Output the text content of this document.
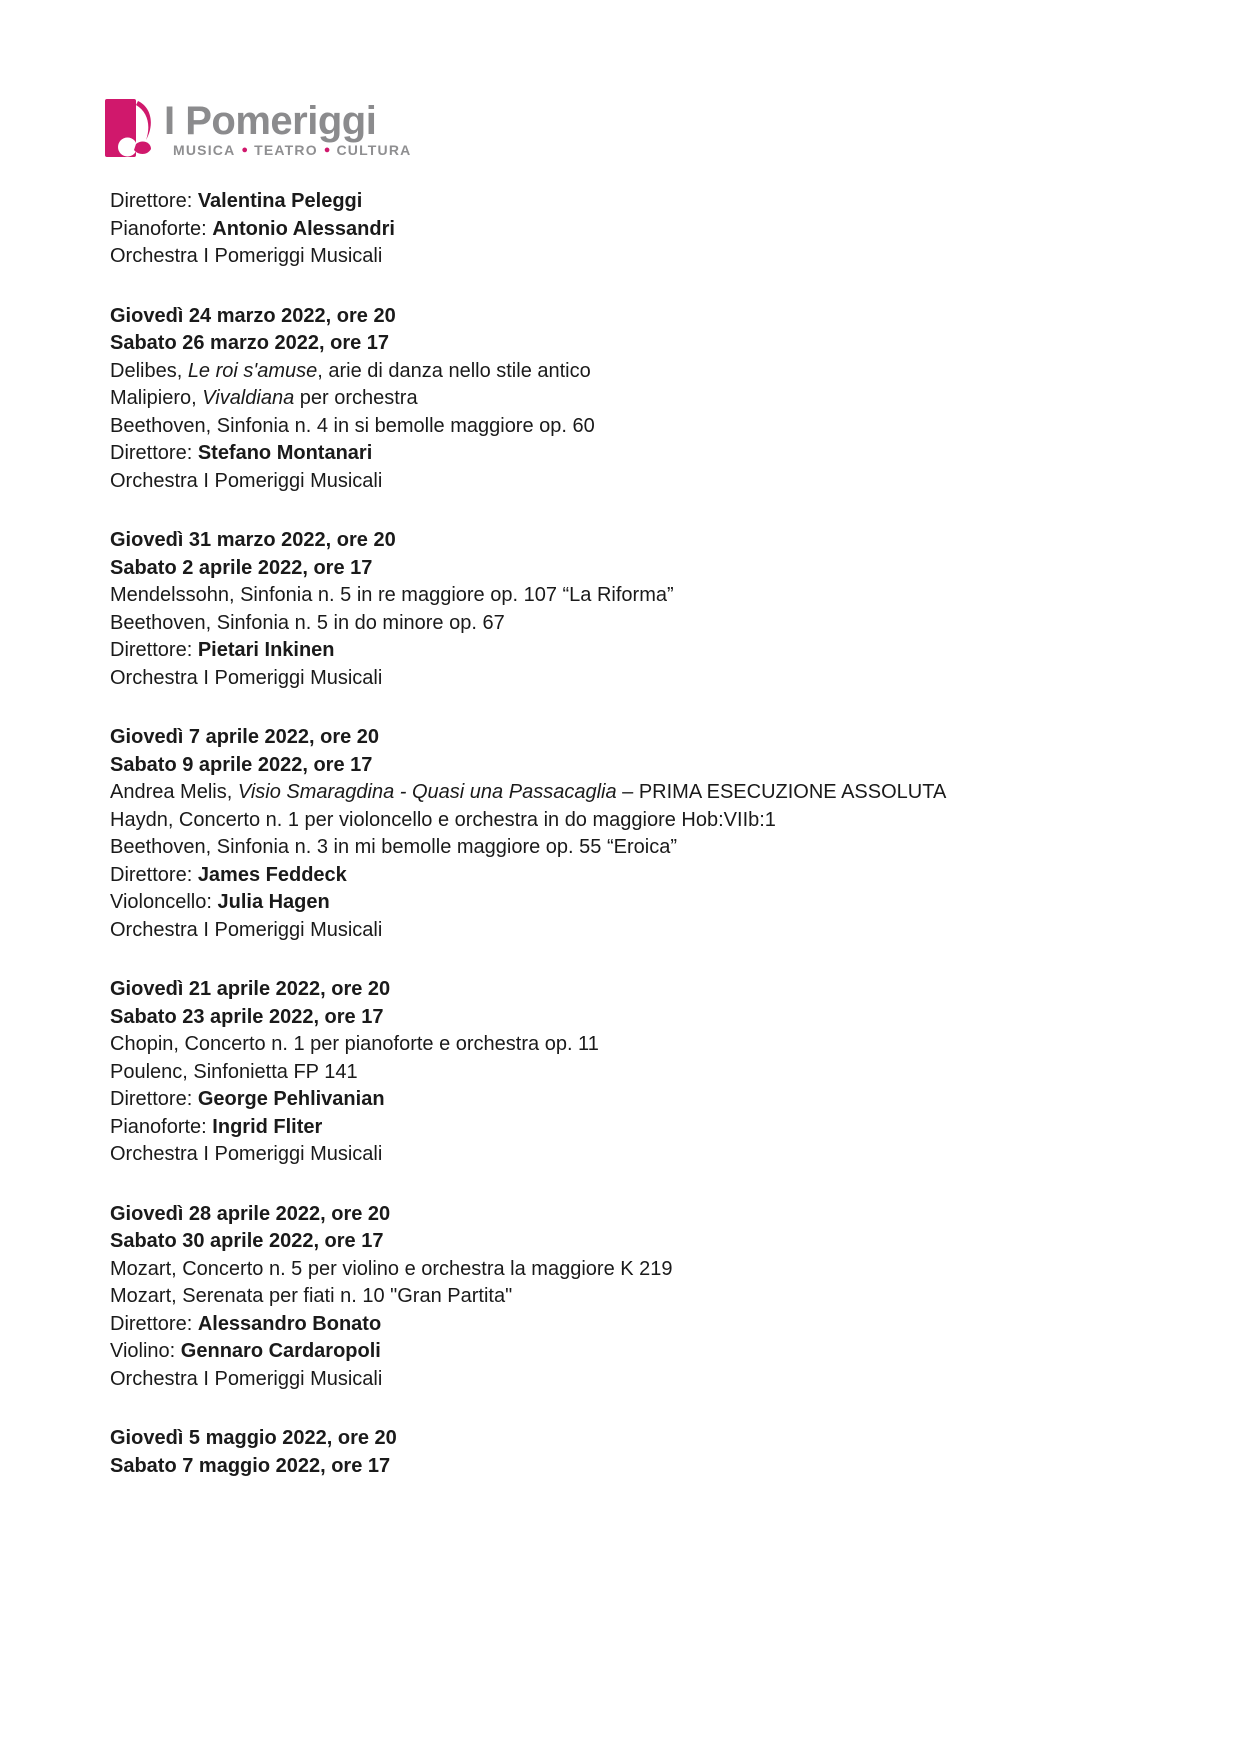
I Pomeriggi
MUSICA ● TEATRO ● CULTURA
Direttore: Valentina Peleggi
Pianoforte: Antonio Alessandri
Orchestra I Pomeriggi Musicali
Giovedì 24 marzo 2022, ore 20
Sabato 26 marzo 2022, ore 17
Delibes, Le roi s'amuse, arie di danza nello stile antico
Malipiero, Vivaldiana per orchestra
Beethoven, Sinfonia n. 4 in si bemolle maggiore op. 60
Direttore: Stefano Montanari
Orchestra I Pomeriggi Musicali
Giovedì 31 marzo 2022, ore 20
Sabato 2 aprile 2022, ore 17
Mendelssohn, Sinfonia n. 5 in re maggiore op. 107 “La Riforma”
Beethoven, Sinfonia n. 5 in do minore op. 67
Direttore: Pietari Inkinen
Orchestra I Pomeriggi Musicali
Giovedì 7 aprile 2022, ore 20
Sabato 9 aprile 2022, ore 17
Andrea Melis, Visio Smaragdina - Quasi una Passacaglia – PRIMA ESECUZIONE ASSOLUTA
Haydn, Concerto n. 1 per violoncello e orchestra in do maggiore Hob:VIIb:1
Beethoven, Sinfonia n. 3 in mi bemolle maggiore op. 55 “Eroica”
Direttore: James Feddeck
Violoncello: Julia Hagen
Orchestra I Pomeriggi Musicali
Giovedì 21 aprile 2022, ore 20
Sabato 23 aprile 2022, ore 17
Chopin, Concerto n. 1 per pianoforte e orchestra op. 11
Poulenc, Sinfonietta FP 141
Direttore: George Pehlivanian
Pianoforte: Ingrid Fliter
Orchestra I Pomeriggi Musicali
Giovedì 28 aprile 2022, ore 20
Sabato 30 aprile 2022, ore 17
Mozart, Concerto n. 5 per violino e orchestra la maggiore K 219
Mozart, Serenata per fiati n. 10 "Gran Partita"
Direttore: Alessandro Bonato
Violino: Gennaro Cardaropoli
Orchestra I Pomeriggi Musicali
Giovedì 5 maggio 2022, ore 20
Sabato 7 maggio 2022, ore 17
